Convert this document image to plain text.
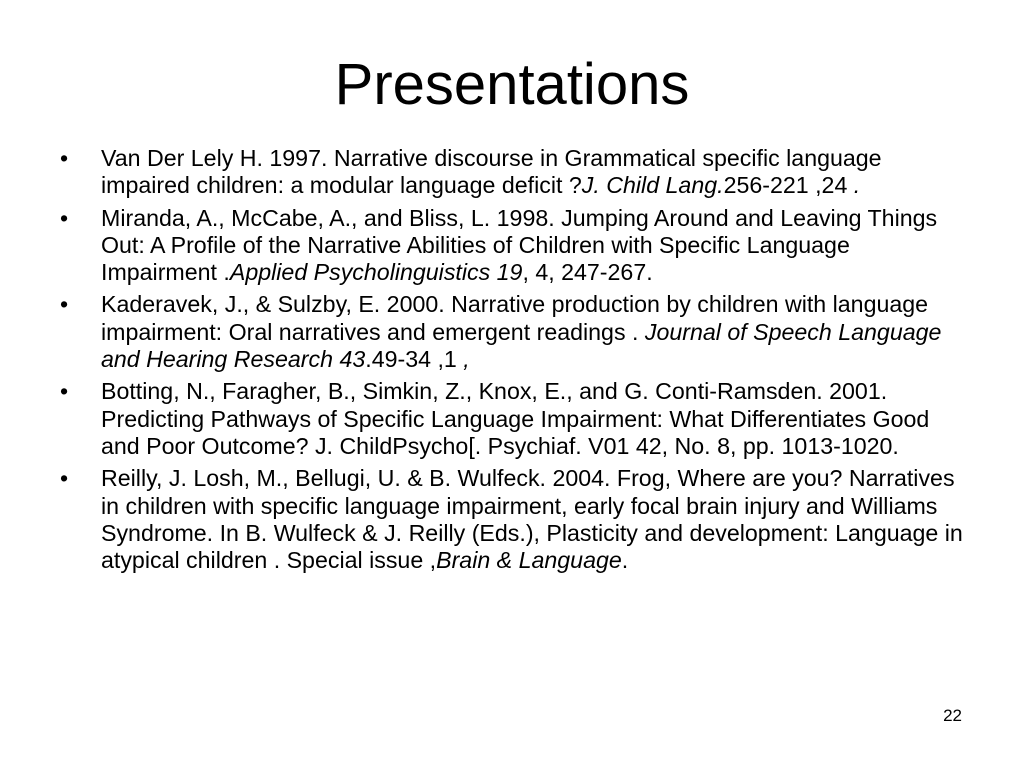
Presentations
• Van Der Lely H. 1997. Narrative discourse in Grammatical specific language impaired children: a modular language deficit ?J. Child Lang.256-221 ,24 .
• Miranda, A., McCabe, A., and Bliss, L. 1998. Jumping Around and Leaving Things Out: A Profile of the Narrative Abilities of Children with Specific Language Impairment .Applied Psycholinguistics 19, 4, 247-267.
• Kaderavek, J., & Sulzby, E. 2000. Narrative production by children with language impairment: Oral narratives and emergent readings . Journal of Speech Language and Hearing Research 43.49-34 ,1 ,
• Botting, N., Faragher, B., Simkin, Z., Knox, E., and G. Conti-Ramsden. 2001. Predicting Pathways of Specific Language Impairment: What Differentiates Good and Poor Outcome? J. ChildPsycho[. Psychiaf. V01 42, No. 8, pp. 1013-1020.
• Reilly, J. Losh, M., Bellugi, U. & B. Wulfeck. 2004. Frog, Where are you? Narratives in children with specific language impairment, early focal brain injury and Williams Syndrome. In B. Wulfeck & J. Reilly (Eds.), Plasticity and development: Language in atypical children . Special issue ,Brain & Language.
22
